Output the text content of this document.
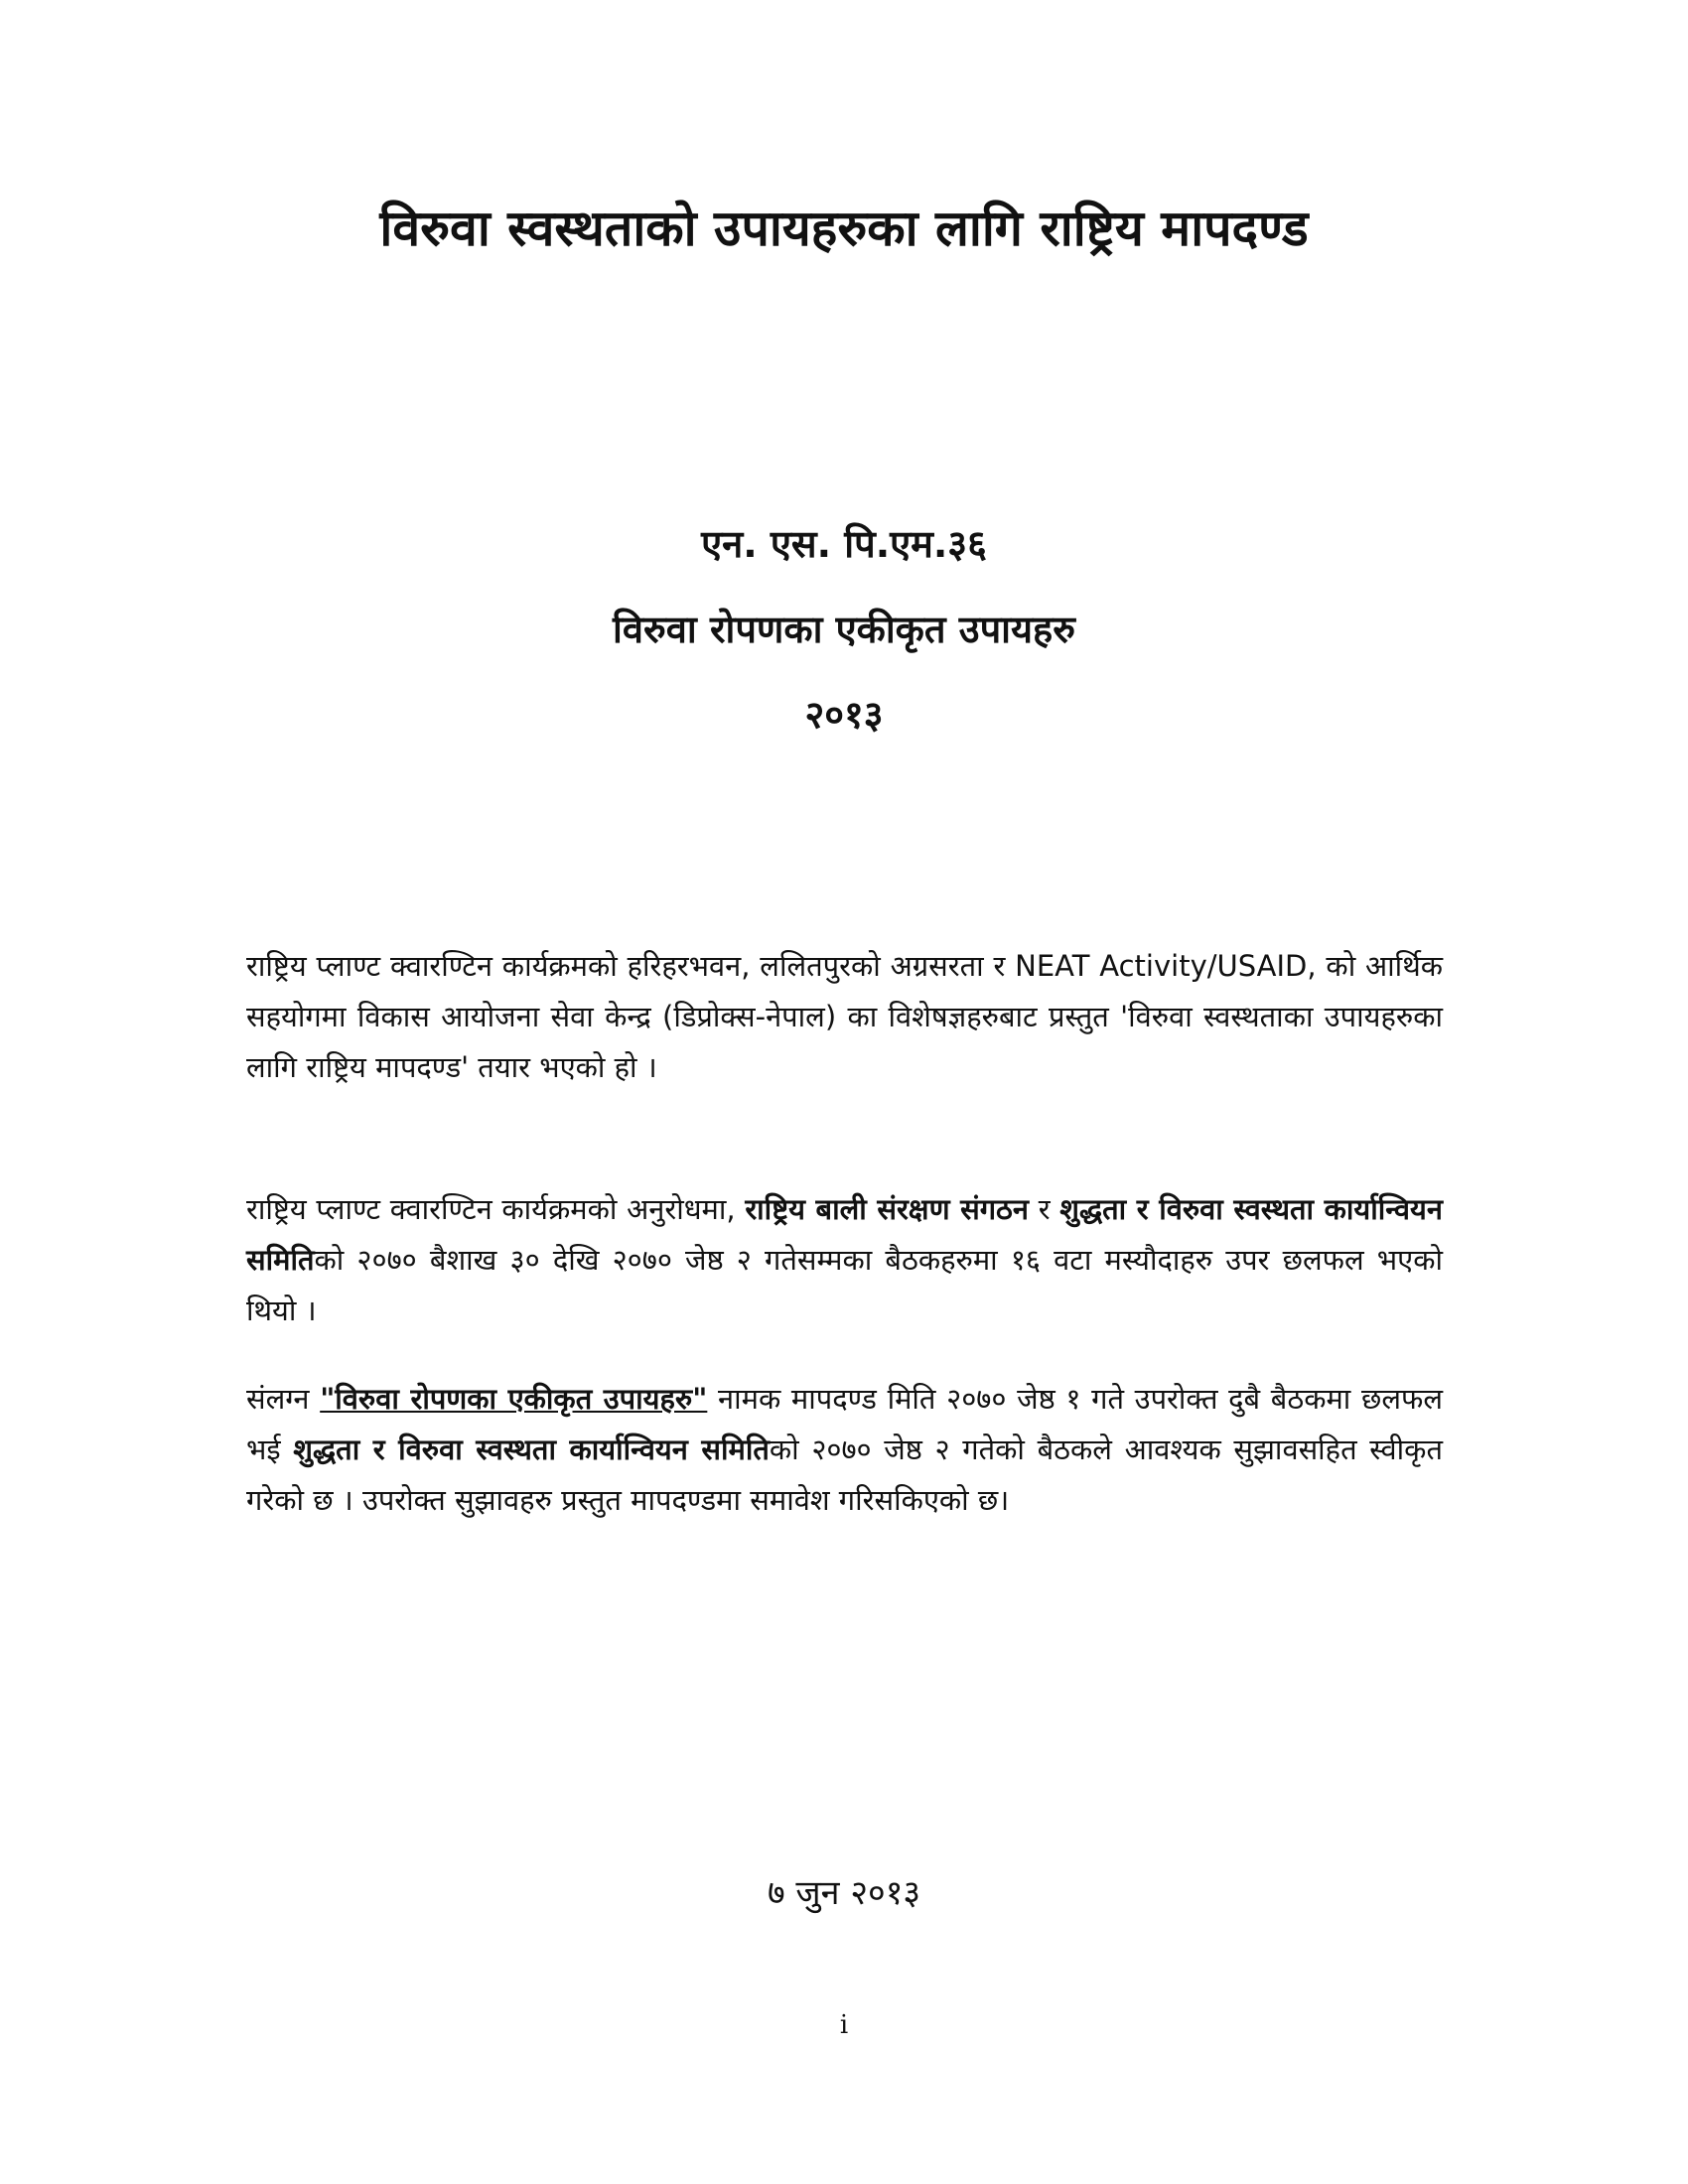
विरुवा स्वस्थताको उपायहरुका लागि राष्ट्रिय मापदण्ड
एन. एस. पि.एम.३६
विरुवा रोपणका एकीकृत उपायहरु
२०१३

राष्ट्रिय प्लाण्ट क्वारण्टिन कार्यक्रमको हरिहरभवन, ललितपुरको अग्रसरता र NEAT Activity/USAID, को आर्थिक सहयोगमा विकास आयोजना सेवा केन्द्र (डिप्रोक्स-नेपाल) का विशेषज्ञहरुबाट प्रस्तुत 'विरुवा स्वस्थताका उपायहरुका लागि राष्ट्रिय मापदण्ड' तयार भएको हो ।

राष्ट्रिय प्लाण्ट क्वारण्टिन कार्यक्रमको अनुरोधमा, राष्ट्रिय बाली संरक्षण संगठन र शुद्धता र विरुवा स्वस्थता कार्यान्वियन समितिको २०७० बैशाख ३० देखि २०७० जेष्ठ २ गतेसम्मका बैठकहरुमा १६ वटा मस्यौदाहरु उपर छलफल भएको थियो ।

संलग्न "विरुवा रोपणका एकीकृत उपायहरु" नामक मापदण्ड मिति २०७० जेष्ठ १ गते उपरोक्त दुबै बैठकमा छलफल भई शुद्धता र विरुवा स्वस्थता कार्यान्वियन समितिको २०७० जेष्ठ २ गतेको बैठकले आवश्यक सुझावसहित स्वीकृत गरेको छ । उपरोक्त सुझावहरु प्रस्तुत मापदण्डमा समावेश गरिसकिएको छ।

७ जुन २०१३
i
